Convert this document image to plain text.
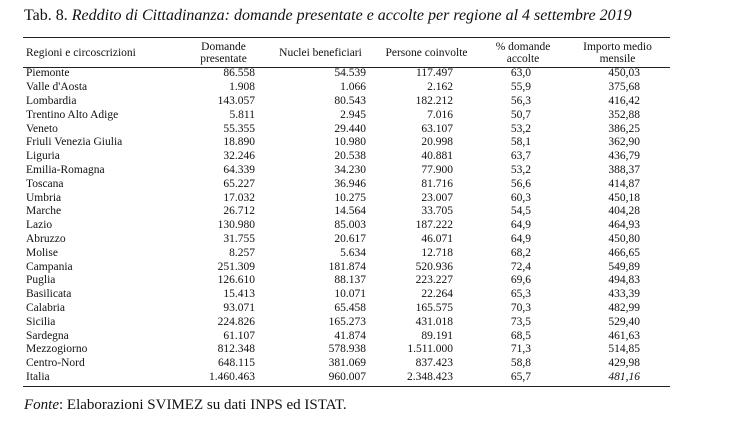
Tab. 8. Reddito di Cittadinanza: domande presentate e accolte per regione al 4 settembre 2019
Regioni e circoscrizioni	Domande presentate	Nuclei beneficiari	Persone coinvolte	% domande accolte	Importo medio mensile
Piemonte	86.558	54.539	117.497	63,0	450,03
Valle d'Aosta	1.908	1.066	2.162	55,9	375,68
Lombardia	143.057	80.543	182.212	56,3	416,42
Trentino Alto Adige	5.811	2.945	7.016	50,7	352,88
Veneto	55.355	29.440	63.107	53,2	386,25
Friuli Venezia Giulia	18.890	10.980	20.998	58,1	362,90
Liguria	32.246	20.538	40.881	63,7	436,79
Emilia-Romagna	64.339	34.230	77.900	53,2	388,37
Toscana	65.227	36.946	81.716	56,6	414,87
Umbria	17.032	10.275	23.007	60,3	450,18
Marche	26.712	14.564	33.705	54,5	404,28
Lazio	130.980	85.003	187.222	64,9	464,93
Abruzzo	31.755	20.617	46.071	64,9	450,80
Molise	8.257	5.634	12.718	68,2	466,65
Campania	251.309	181.874	520.936	72,4	549,89
Puglia	126.610	88.137	223.227	69,6	494,83
Basilicata	15.413	10.071	22.264	65,3	433,39
Calabria	93.071	65.458	165.575	70,3	482,99
Sicilia	224.826	165.273	431.018	73,5	529,40
Sardegna	61.107	41.874	89.191	68,5	461,63
Mezzogiorno	812.348	578.938	1.511.000	71,3	514,85
Centro-Nord	648.115	381.069	837.423	58,8	429,98
Italia	1.460.463	960.007	2.348.423	65,7	481,16
Fonte: Elaborazioni SVIMEZ su dati INPS ed ISTAT.
